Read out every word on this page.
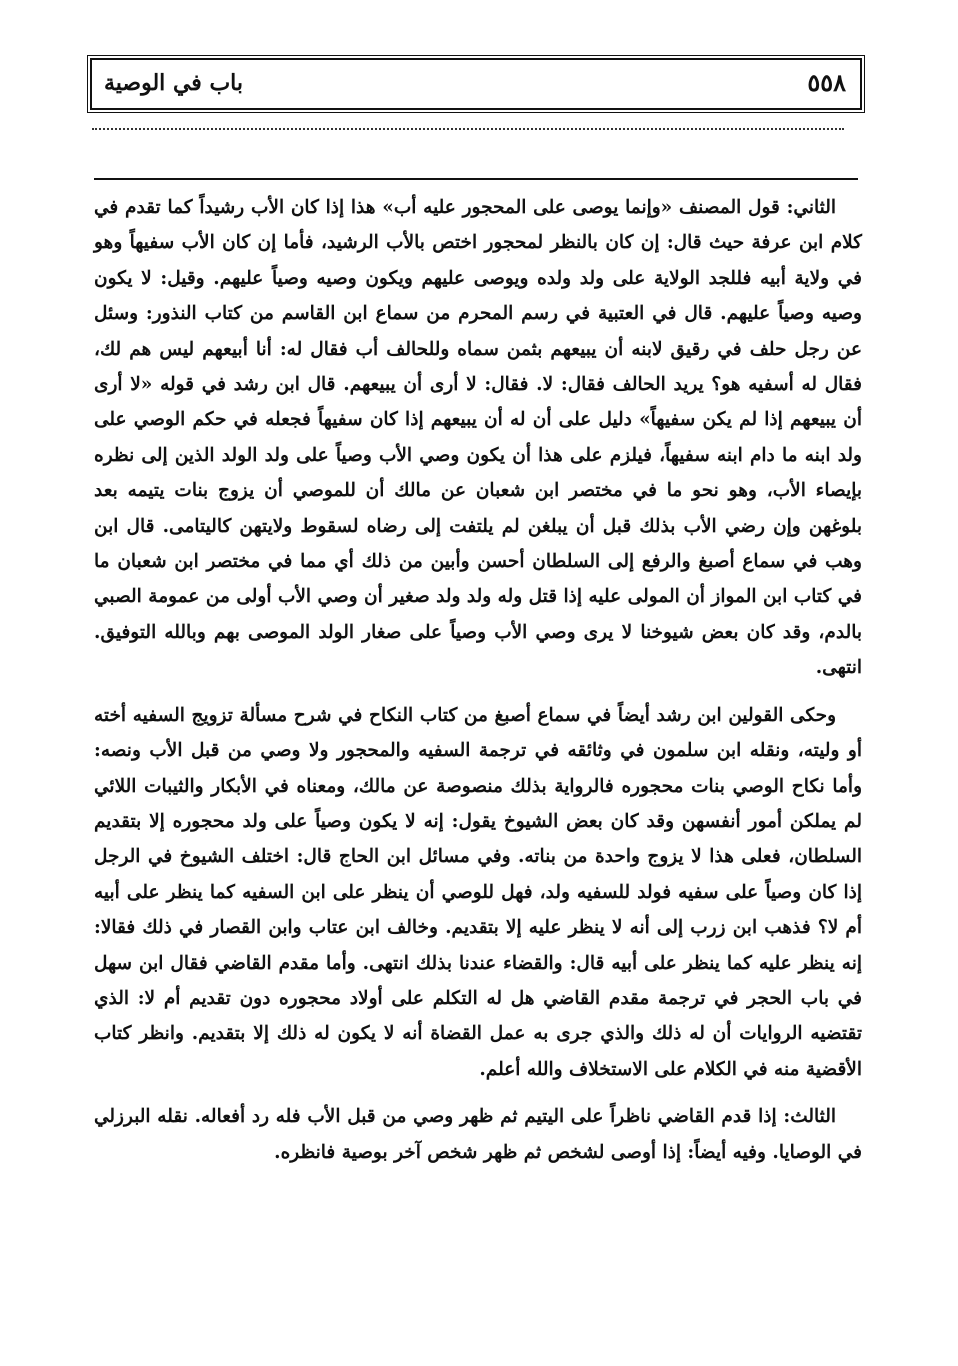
باب في الوصية	٥٥٨

الثاني: قول المصنف «وإنما يوصى على المحجور عليه أب» هذا إذا كان الأب رشيداً كما تقدم في كلام ابن عرفة حيث قال: إن كان بالنظر لمحجور اختص بالأب الرشيد، فأما إن كان الأب سفيهاً وهو في ولاية أبيه فللجد الولاية على ولد ولده ويوصى عليهم ويكون وصيه وصياً عليهم. وقيل: لا يكون وصيه وصياً عليهم. قال في العتبية في رسم المحرم من سماع ابن القاسم من كتاب النذور: وسئل عن رجل حلف في رقيق لابنه أن يبيعهم بثمن سماه وللحالف أب فقال له: أنا أبيعهم ليس هم لك، فقال له أسفيه هو؟ يريد الحالف فقال: لا. فقال: لا أرى أن يبيعهم. قال ابن رشد في قوله «لا أرى أن يبيعهم إذا لم يكن سفيهاً» دليل على أن له أن يبيعهم إذا كان سفيهاً فجعله في حكم الوصي على ولد ابنه ما دام ابنه سفيهاً، فيلزم على هذا أن يكون وصي الأب وصياً على ولد الولد الذين إلى نظره بإيصاء الأب، وهو نحو ما في مختصر ابن شعبان عن مالك أن للموصي أن يزوج بنات يتيمه بعد بلوغهن وإن رضي الأب بذلك قبل أن يبلغن لم يلتفت إلى رضاه لسقوط ولايتهن كاليتامى. قال ابن وهب في سماع أصبغ والرفع إلى السلطان أحسن وأبين من ذلك أي مما في مختصر ابن شعبان ما في كتاب ابن المواز أن المولى عليه إذا قتل وله ولد ولد صغير أن وصي الأب أولى من عمومة الصبي بالدم، وقد كان بعض شيوخنا لا يرى وصي الأب وصياً على صغار الولد الموصى بهم وبالله التوفيق. انتهى.

وحكى القولين ابن رشد أيضاً في سماع أصبغ من كتاب النكاح في شرح مسألة تزويج السفيه أخته أو وليته، ونقله ابن سلمون في وثائقه في ترجمة السفيه والمحجور ولا وصي من قبل الأب ونصه: وأما نكاح الوصي بنات محجوره فالرواية بذلك منصوصة عن مالك، ومعناه في الأبكار والثيبات اللائي لم يملكن أمور أنفسهن وقد كان بعض الشيوخ يقول: إنه لا يكون وصياً على ولد محجوره إلا بتقديم السلطان، فعلى هذا لا يزوج واحدة من بناته. وفي مسائل ابن الحاج قال: اختلف الشيوخ في الرجل إذا كان وصياً على سفيه فولد للسفيه ولد، فهل للوصي أن ينظر على ابن السفيه كما ينظر على أبيه أم لا؟ فذهب ابن زرب إلى أنه لا ينظر عليه إلا بتقديم. وخالف ابن عتاب وابن القصار في ذلك فقالا: إنه ينظر عليه كما ينظر على أبيه قال: والقضاء عندنا بذلك انتهى. وأما مقدم القاضي فقال ابن سهل في باب الحجر في ترجمة مقدم القاضي هل له التكلم على أولاد محجوره دون تقديم أم لا: الذي تقتضيه الروايات أن له ذلك والذي جرى به عمل القضاة أنه لا يكون له ذلك إلا بتقديم. وانظر كتاب الأقضية منه في الكلام على الاستخلاف والله أعلم.

الثالث: إذا قدم القاضي ناظراً على اليتيم ثم ظهر وصي من قبل الأب فله رد أفعاله. نقله البرزلي في الوصايا. وفيه أيضاً: إذا أوصى لشخص ثم ظهر شخص آخر بوصية فانظره.
